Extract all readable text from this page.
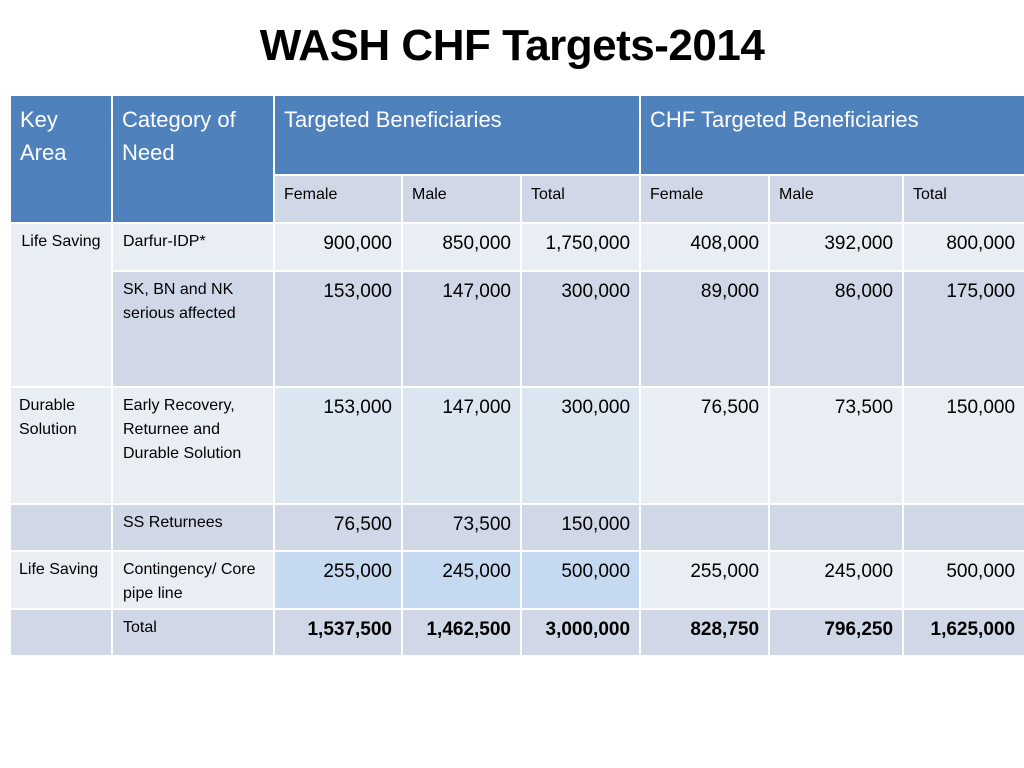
WASH CHF Targets-2014
Key Area	Category of Need	Targeted Beneficiaries			CHF Targeted Beneficiaries		
		Female	Male	Total	Female	Male	Total
Life Saving	Darfur-IDP*	900,000	850,000	1,750,000	408,000	392,000	800,000
	SK, BN and NK serious affected	153,000	147,000	300,000	89,000	86,000	175,000
Durable Solution	Early Recovery, Returnee and Durable Solution	153,000	147,000	300,000	76,500	73,500	150,000
	SS Returnees	76,500	73,500	150,000			
Life Saving	Contingency/ Core pipe line	255,000	245,000	500,000	255,000	245,000	500,000
	Total	1,537,500	1,462,500	3,000,000	828,750	796,250	1,625,000
